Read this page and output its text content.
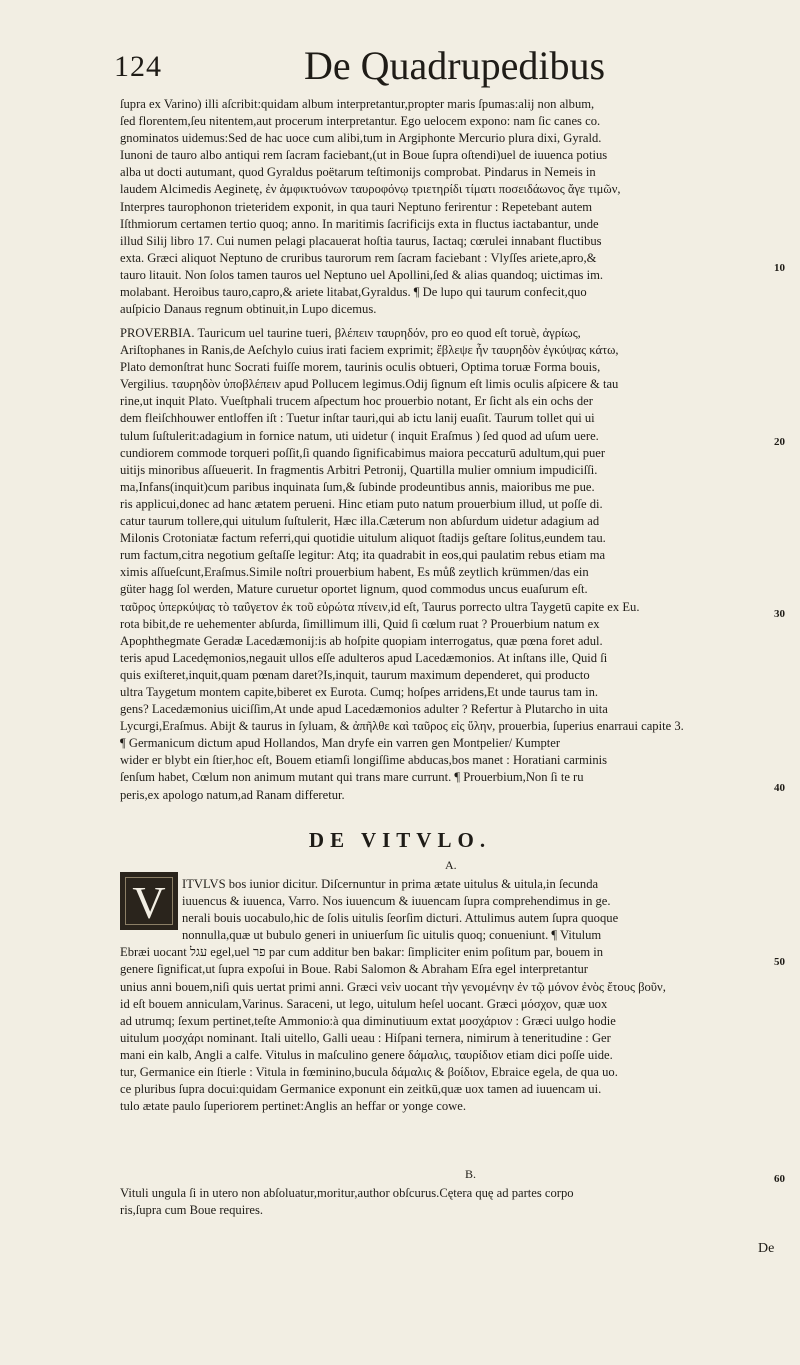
124	De Quadrupedibus
ſupra ex Varino) illi aſcribit:quidam album interpretantur,propter maris ſpumas:alij non album,
ſed florentem,ſeu nitentem,aut procerum interpretantur. Ego uelocem expono: nam ſic canes co.
gnominatos uidemus:Sed de hac uoce cum alibi,tum in Argiphonte Mercurio plura dixi, Gyrald.
Iunoni de tauro albo antiqui rem ſacram faciebant,(ut in Boue ſupra oſtendi)uel de iuuenca potius
alba ut docti autumant, quod Gyraldus poëtarum teſtimonijs comprobat. Pindarus in Nemeis in
laudem Alcimedis Aeginetę, ἐν ἀμφικτυόνων ταυροφόνῳ τριετηρίδι τίματι ποσειδάωνος ἄγε τιμῶν,
Interpres taurophonon trieteridem exponit, in qua tauri Neptuno ferirentur : Repetebant autem
Iſthmiorum certamen tertio quoq; anno. In maritimis ſacrificijs exta in fluctus iactabantur, unde
illud Silij libro 17. Cui numen pelagi placauerat hoſtia taurus, Iactaq; cœrulei innabant fluctibus
exta. Græci aliquot Neptuno de cruribus taurorum rem ſacram faciebant : Vlyſſes ariete,apro,&
tauro litauit. Non ſolos tamen tauros uel Neptuno uel Apollini,ſed & alias quandoq; uictimas im.
molabant. Heroibus tauro,capro,& ariete litabat,Gyraldus. ¶ De lupo qui taurum confecit,quo
auſpicio Danaus regnum obtinuit,in Lupo dicemus.
PROVERBIA. Tauricum uel taurine tueri, βλέπειν ταυρηδόν, pro eo quod eſt toruè, ἀγρίως,
Ariſtophanes in Ranis,de Aeſchylo cuius irati faciem exprimit; ἔβλεψε ἦν ταυρηδὸν ἐγκύψας κάτω,
Plato demonſtrat hunc Socrati fuiſſe morem, taurinis oculis obtueri, Optima toruæ Forma bouis,
Vergilius. ταυρηδὸν ὑποβλέπειν apud Pollucem legimus.Odij ſignum eſt limis oculis aſpicere & tau
rine,ut inquit Plato. Vueſtphali trucem aſpectum hoc prouerbio notant, Er ſicht als ein ochs der
dem fleiſchhouwer entloffen iſt : Tuetur inſtar tauri,qui ab ictu lanij euaſit. Taurum tollet qui ui
tulum ſuſtulerit:adagium in fornice natum, uti uidetur ( inquit Eraſmus ) ſed quod ad uſum uere.
cundiorem commode torqueri poſſit,ſi quando ſignificabimus maiora peccaturū adultum,qui puer
uitijs minoribus aſſueuerit. In fragmentis Arbitri Petronij, Quartilla mulier omnium impudiciſſi.
ma,Infans(inquit)cum paribus inquinata ſum,& ſubinde prodeuntibus annis, maioribus me pue.
ris applicui,donec ad hanc ætatem perueni. Hinc etiam puto natum prouerbium illud, ut poſſe di.
catur taurum tollere,qui uitulum ſuſtulerit, Hæc illa.Cæterum non abſurdum uidetur adagium ad
Milonis Crotoniatæ factum referri,qui quotidie uitulum aliquot ſtadijs geſtare ſolitus,eundem tau.
rum factum,citra negotium geſtaſſe legitur: Atq; ita quadrabit in eos,qui paulatim rebus etiam ma
ximis aſſueſcunt,Eraſmus.Simile noſtri prouerbium habent, Es můß zeytlich krümmen/das ein
güter hagg ſol werden, Mature curuetur oportet lignum, quod commodus uncus euaſurum eſt.
ταῦρος ὑπερκύψας τὸ ταΰγετον ἐκ τοῦ εὐρώτα πίνειν,id eſt, Taurus porrecto ultra Taygetū capite ex Eu.
rota bibit,de re uehementer abſurda, ſimillimum illi, Quid ſi cœlum ruat ? Prouerbium natum ex
Apophthegmate Geradæ Lacedæmonij:is ab hoſpite quopiam interrogatus, quæ pœna foret adul.
teris apud Lacedęmonios,negauit ullos eſſe adulteros apud Lacedæmonios. At inſtans ille, Quid ſi
quis exiſteret,inquit,quam pœnam daret?Is,inquit, taurum maximum dependeret, qui producto
ultra Taygetum montem capite,biberet ex Eurota. Cumq; hoſpes arridens,Et unde taurus tam in.
gens? Lacedæmonius uiciſſim,At unde apud Lacedæmonios adulter ? Refertur à Plutarcho in uita
Lycurgi,Eraſmus. Abijt & taurus in ſyluam, & ἀπῆλθε καὶ ταῦρος εἰς ὕλην, prouerbia, ſuperius enarraui capite 3.
¶ Germanicum dictum apud Hollandos, Man dryfe ein varren gen Montpelier/ Kumpter
wider er blybt ein ſtier,hoc eſt, Bouem etiamſi longiſſime abducas,bos manet : Horatiani carminis
ſenſum habet, Cœlum non animum mutant qui trans mare currunt. ¶ Prouerbium,Non ſi te ru
peris,ex apologo natum,ad Ranam differetur.
DE VITVLO.
A.
V	ITVLVS bos iunior dicitur. Diſcernuntur in prima ætate uitulus & uitula,in ſecunda
iuuencus & iuuenca, Varro. Nos iuuencum & iuuencam ſupra comprehendimus in ge.
nerali bouis uocabulo,hic de ſolis uitulis ſeorſim dicturi. Attulimus autem ſupra quoque
nonnulla,quæ ut bubulo generi in uniuerſum ſic uitulis quoq; conueniunt. ¶ Vitulum
Ebræi uocant עגל egel,uel פר par cum additur ben bakar: ſimpliciter enim poſitum par, bouem in
genere ſignificat,ut ſupra expoſui in Boue. Rabi Salomon & Abraham Eſra egel interpretantur
unius anni bouem,niſi quis uertat primi anni. Græci νεὶν uocant τὴν γενομένην ἐν τῷ μόνον ἐνὸς ἔτους βοῦν,
id eſt bouem anniculam,Varinus. Saraceni, ut lego, uitulum heſel uocant. Græci μόσχον, quæ uox
ad utrumq; ſexum pertinet,teſte Ammonio:à qua diminutiuum extat μοσχάριον : Græci uulgo hodie
uitulum μοσχάρι nominant. Itali uitello, Galli ueau : Hiſpani ternera, nimirum à teneritudine : Ger
mani ein kalb, Angli a calfe. Vitulus in maſculino genere δάμαλις, ταυρίδιον etiam dici poſſe uide.
tur, Germanice ein ſtierle : Vitula in fœminino,bucula δάμαλις & βοίδιον, Ebraice egela, de qua uo.
ce pluribus ſupra docui:quidam Germanice exponunt ein zeitkū,quæ uox tamen ad iuuencam ui.
tulo ætate paulo ſuperiorem pertinet:Anglis an heffar or yonge cowe.
B.
Vituli ungula ſi in utero non abſoluatur,moritur,author obſcurus.Cętera quę ad partes corpo
ris,ſupra cum Boue requires.
10
20
30
40
50
60
De
